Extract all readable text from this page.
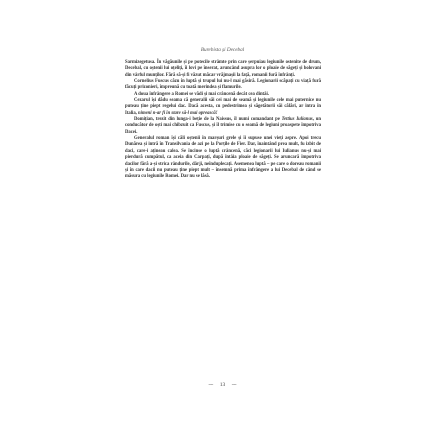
Burebista și Decebal

Sarmizegetusa. În văgăunile și pe potecile strâmte prin care șerpuiau legiunile ostenite de drum, Decebal, cu oștenii lui oțeliți, îi lovi pe înserat, aruncând asupra lor o ploaie de săgeți și bolovani din vârful munților. Fără să-și fi văzut măcar vrăjmașii la față, romanii fură înfrânți.

Cornelius Fuscus căzu în luptă și trupul lui nu-l mai găsiră. Legionarii scăpați cu viață fură făcuți prizonieri, împreună cu toată merindea și flamurile.

A doua înfrângere a Romei se vădi și mai crâncenă decât cea dintâi.

Cezarul își dădu seama că generalii săi cei mai de seamă și legiunile cele mai puternice nu puteau ține piept regelui dac. Dacă acesta, cu pedestrimea și săgetătorii săi călări, ar intra în Italia, nimeni n-ar fi în stare să-l mai oprească!

Domițian, trezit din lunga-i beție de la Naissus, îl numi comandant pe Tettius Iulianus, un conducător de oști mai chibzuit ca Fuscus, și îl trimise cu o seamă de legiuni proaspete împotriva Dacei.

Generalul roman își căli oștenii în marșuri grele și îi supuse unei vieți aspre. Apoi trecu Dunărea și intră în Transilvania de azi pe la Porțile de Fier. Dar, înaintând prea mult, fu izbit de daci, care-i ațineau calea. Se încinse o luptă crâncenă, căci legionarii lui Iulianus nu-și mai pierdură cumpătul, ca aceia din Carpați, după întâia ploaie de săgeți. Se aruncară împotriva dacilor fără a-și strica rândurile, dârji, neînduplecați. Asemenea luptă – pe care o doreau romanii și în care dacii nu puteau ține piept mult – însemnă prima înfrângere a lui Decebal de când se măsura cu legiunile Romei. Dar nu se lăsă.

⁓ 13 ⁓
